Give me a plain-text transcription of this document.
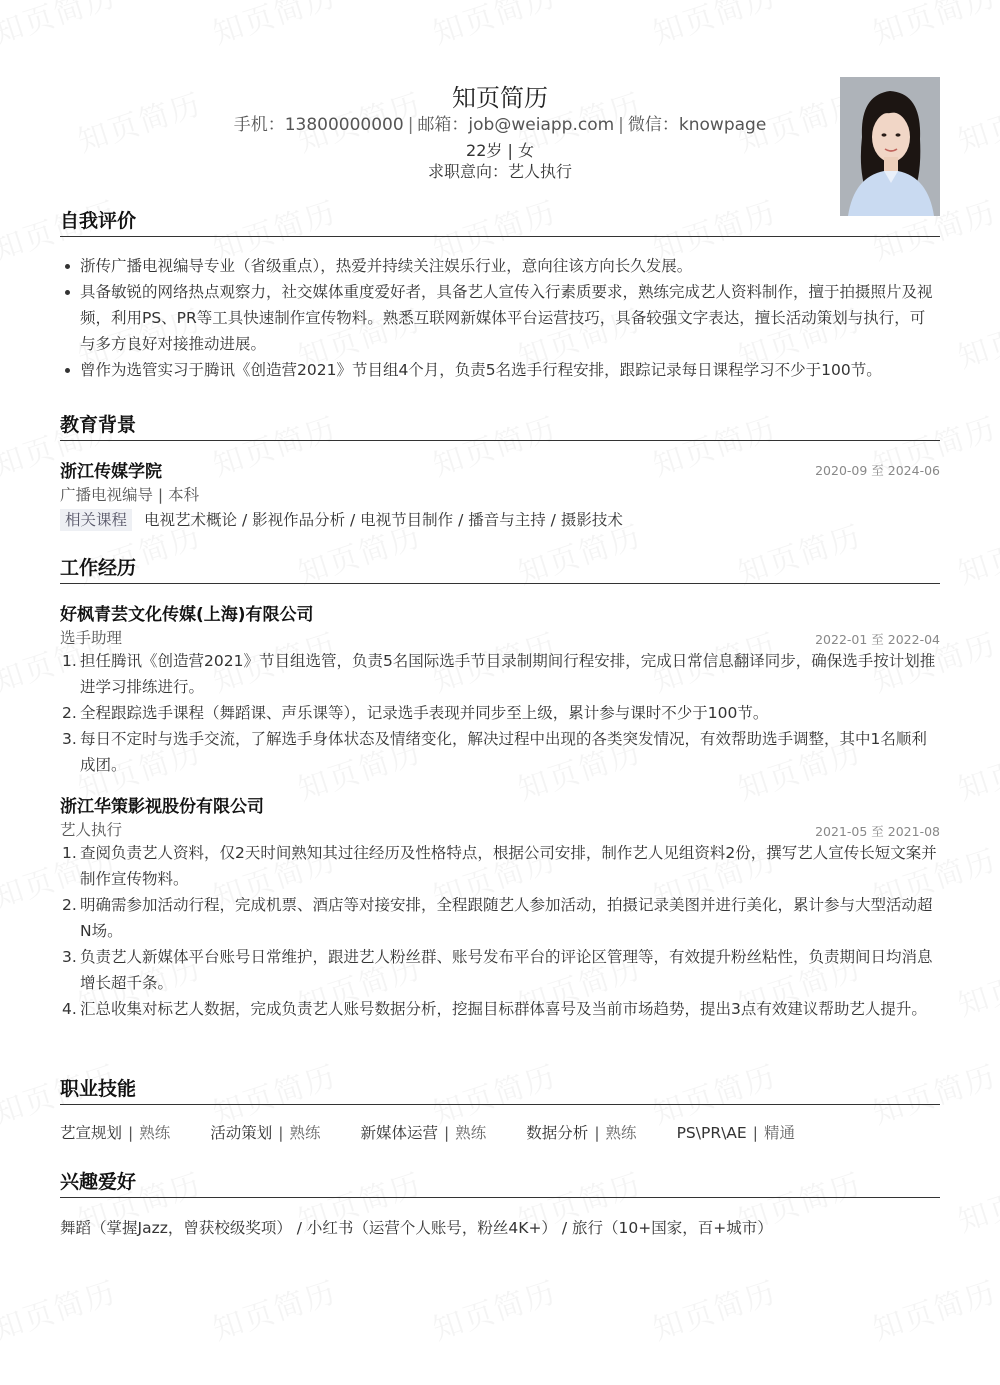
知页简历
手机：13800000000 | 邮箱：job@weiapp.com | 微信：knowpage
22岁 | 女
求职意向：艺人执行
自我评价
浙传广播电视编导专业（省级重点），热爱并持续关注娱乐行业，意向往该方向长久发展。
具备敏锐的网络热点观察力，社交媒体重度爱好者，具备艺人宣传入行素质要求，熟练完成艺人资料制作，擅于拍摄照片及视频，利用PS、PR等工具快速制作宣传物料。熟悉互联网新媒体平台运营技巧，具备较强文字表达，擅长活动策划与执行，可与多方良好对接推动进展。
曾作为选管实习于腾讯《创造营2021》节目组4个月，负责5名选手行程安排，跟踪记录每日课程学习不少于100节。
教育背景
浙江传媒学院	2020-09 至 2024-06
广播电视编导 | 本科
相关课程 电视艺术概论 / 影视作品分析 / 电视节目制作 / 播音与主持 / 摄影技术
工作经历
好枫青芸文化传媒(上海)有限公司
选手助理	2022-01 至 2022-04
1. 担任腾讯《创造营2021》节目组选管，负责5名国际选手节目录制期间行程安排，完成日常信息翻译同步，确保选手按计划推进学习排练进行。
2. 全程跟踪选手课程（舞蹈课、声乐课等），记录选手表现并同步至上级，累计参与课时不少于100节。
3. 每日不定时与选手交流，了解选手身体状态及情绪变化，解决过程中出现的各类突发情况，有效帮助选手调整，其中1名顺利成团。
浙江华策影视股份有限公司
艺人执行	2021-05 至 2021-08
1. 查阅负责艺人资料，仅2天时间熟知其过往经历及性格特点，根据公司安排，制作艺人见组资料2份，撰写艺人宣传长短文案并制作宣传物料。
2. 明确需参加活动行程，完成机票、酒店等对接安排，全程跟随艺人参加活动，拍摄记录美图并进行美化，累计参与大型活动超N场。
3. 负责艺人新媒体平台账号日常维护，跟进艺人粉丝群、账号发布平台的评论区管理等，有效提升粉丝粘性，负责期间日均消息增长超千条。
4. 汇总收集对标艺人数据，完成负责艺人账号数据分析，挖掘目标群体喜号及当前市场趋势，提出3点有效建议帮助艺人提升。
职业技能
艺宣规划 | 熟练	活动策划 | 熟练	新媒体运营 | 熟练	数据分析 | 熟练	PS\PR\AE | 精通
兴趣爱好
舞蹈（掌握Jazz，曾获校级奖项） / 小红书（运营个人账号，粉丝4K+） / 旅行（10+国家，百+城市）
